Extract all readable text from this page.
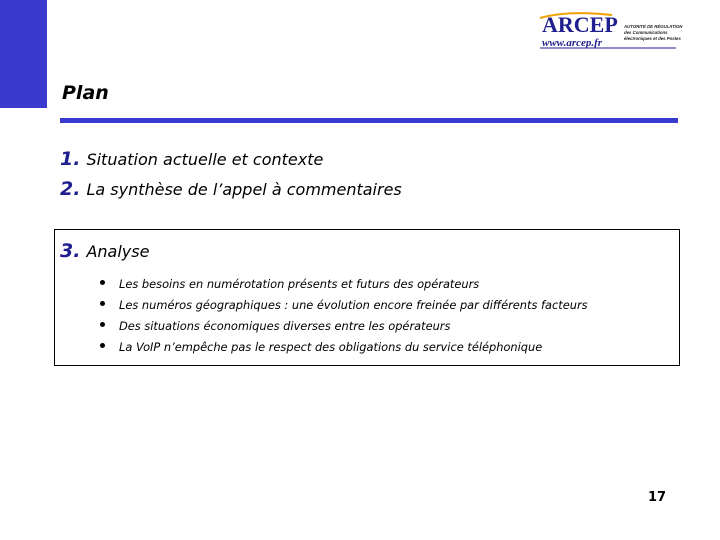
ARCEP
www.arcep.fr
AUTORITÉ DE RÉGULATION des Communications électroniques et des Postes
Plan
1. Situation actuelle et contexte
2. La synthèse de l’appel à commentaires
3. Analyse
Les besoins en numérotation présents et futurs des opérateurs
Les numéros géographiques : une évolution encore freinée par différents facteurs
Des situations économiques diverses entre les opérateurs
La VoIP n’empêche pas le respect des obligations du service téléphonique
17
